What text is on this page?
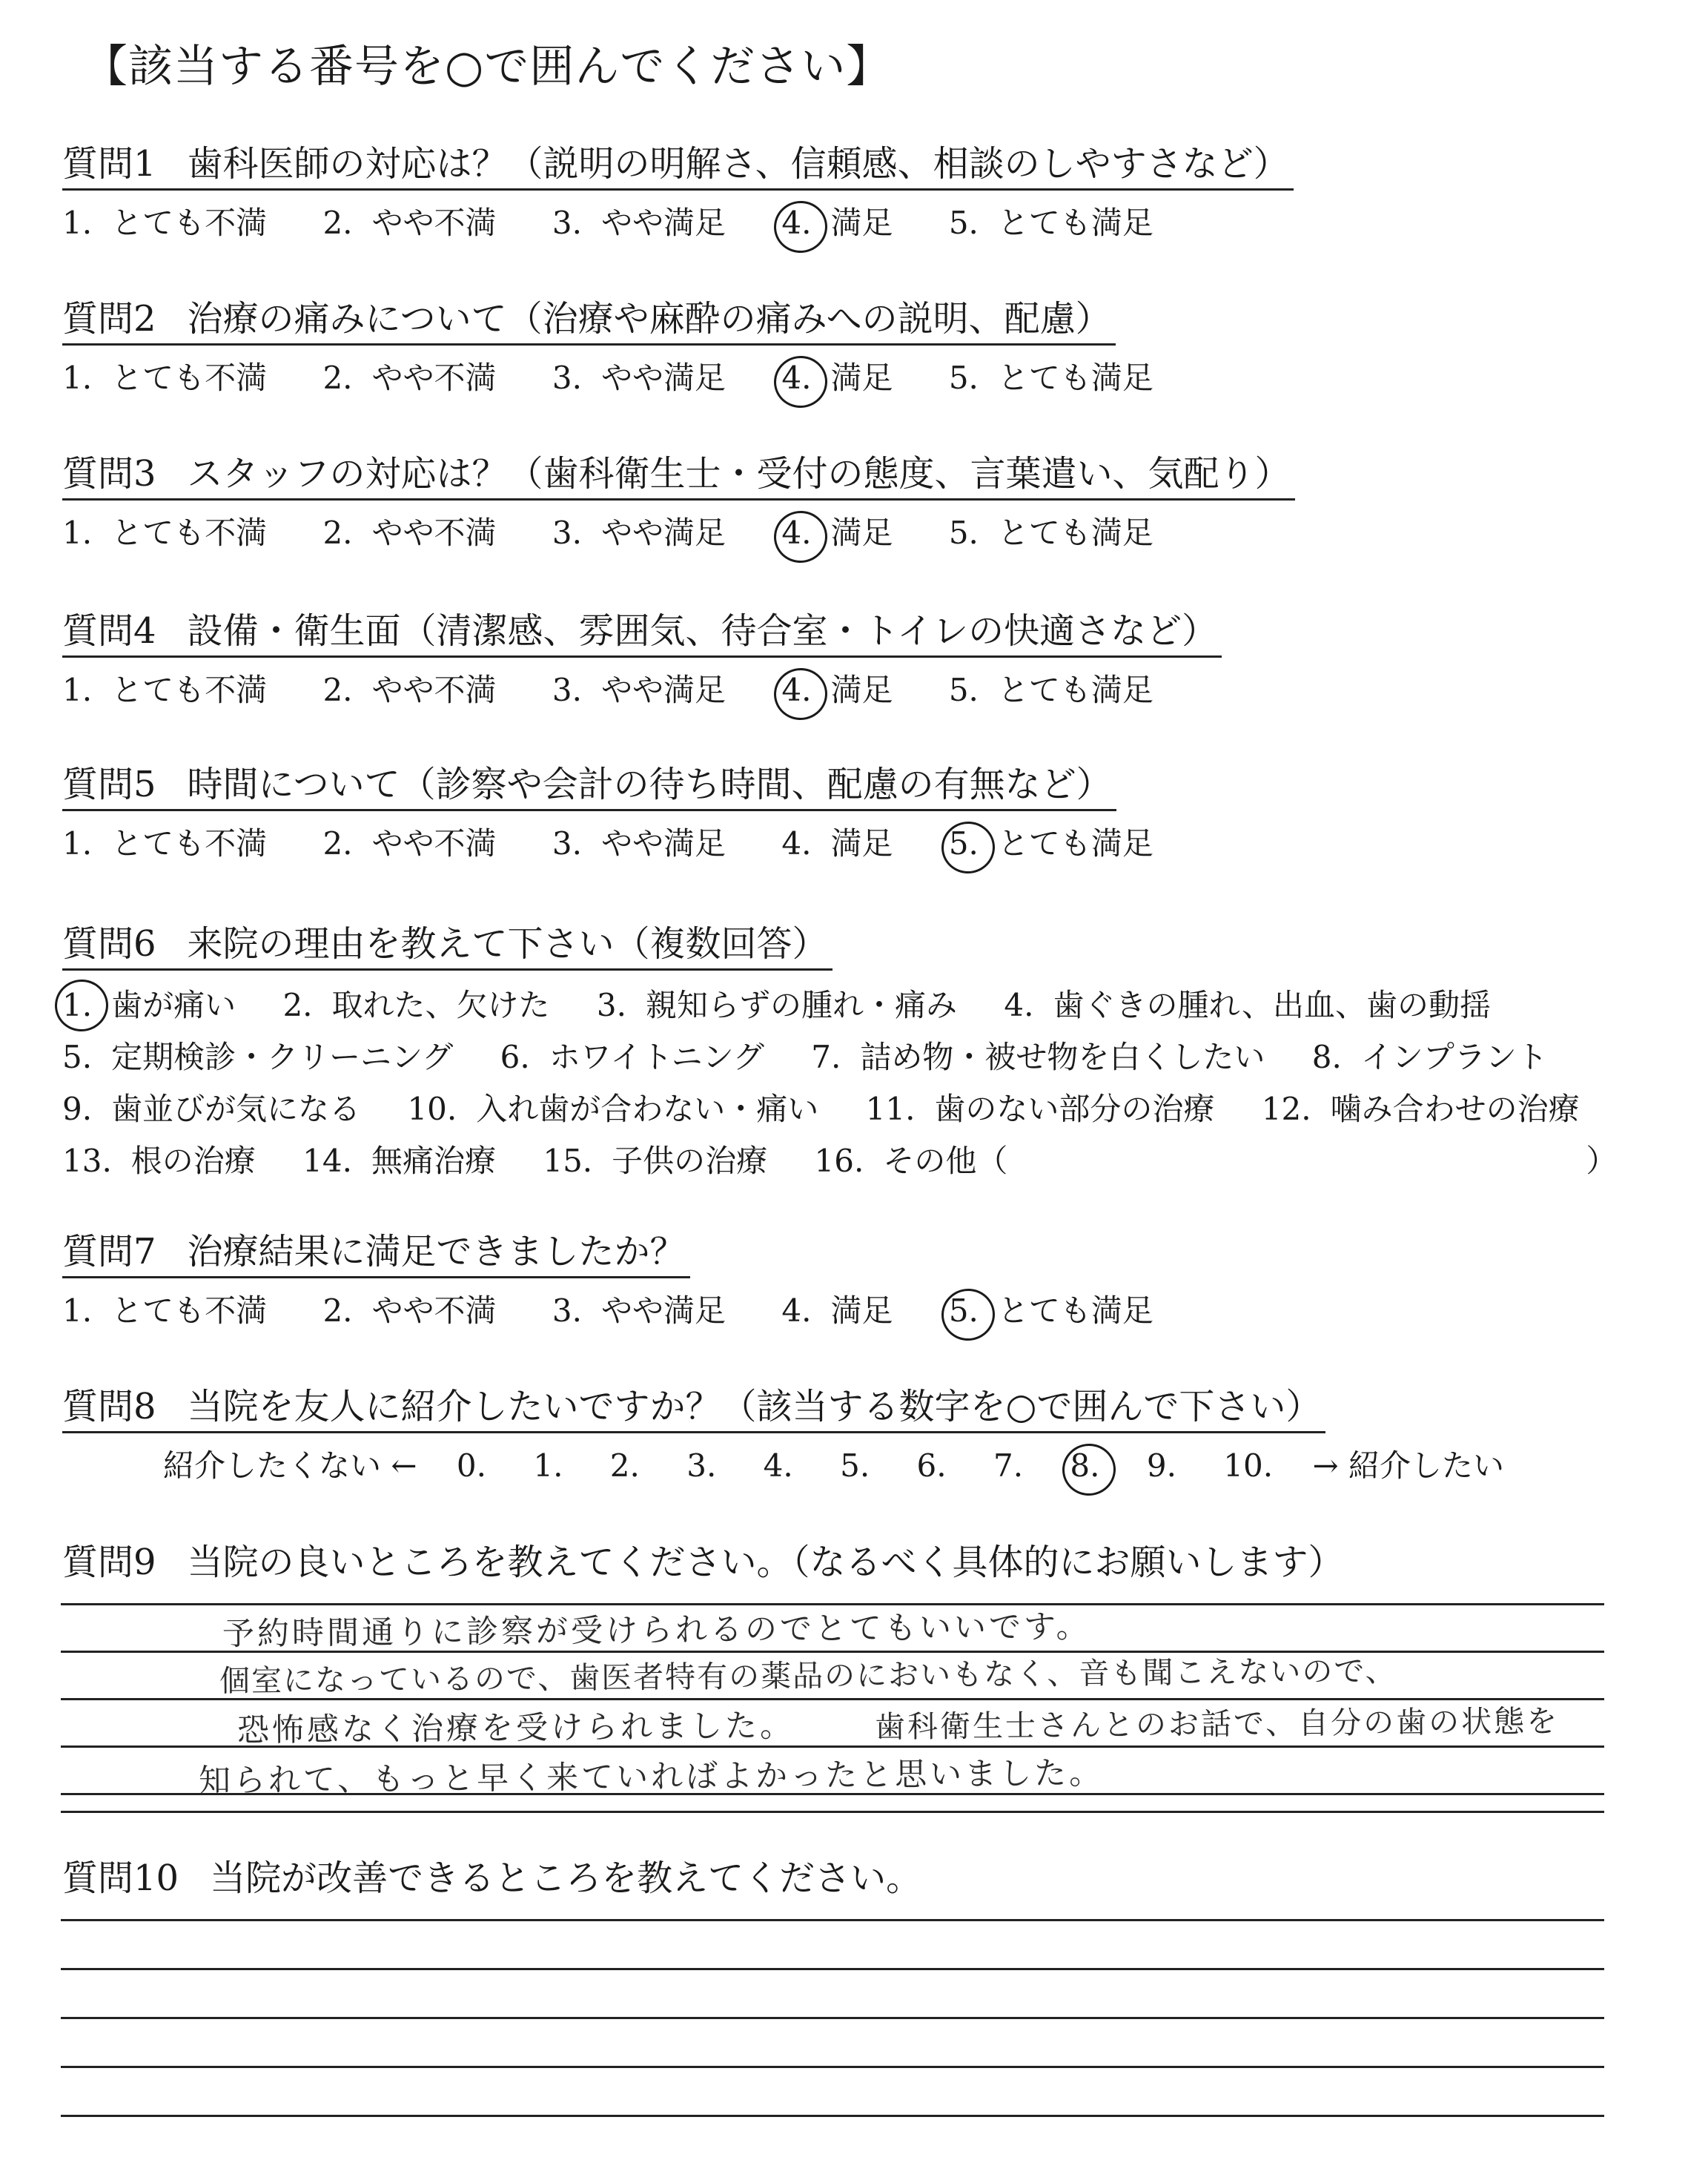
【該当する番号を○で囲んでください】
質問1 歯科医師の対応は？（説明の明解さ、信頼感、相談のしやすさなど）
1. とても不満 2. やや不満 3. やや満足 4. 満足 5. とても満足
質問2 治療の痛みについて（治療や麻酔の痛みへの説明、配慮）
1. とても不満 2. やや不満 3. やや満足 4. 満足 5. とても満足
質問3 スタッフの対応は？（歯科衛生士・受付の態度、言葉遣い、気配り）
1. とても不満 2. やや不満 3. やや満足 4. 満足 5. とても満足
質問4 設備・衛生面（清潔感、雰囲気、待合室・トイレの快適さなど）
1. とても不満 2. やや不満 3. やや満足 4. 満足 5. とても満足
質問5 時間について（診察や会計の待ち時間、配慮の有無など）
1. とても不満 2. やや不満 3. やや満足 4. 満足 5. とても満足
質問6 来院の理由を教えて下さい（複数回答）
1. 歯が痛い 2. 取れた、欠けた 3. 親知らずの腫れ・痛み 4. 歯ぐきの腫れ、出血、歯の動揺
5. 定期検診・クリーニング 6. ホワイトニング 7. 詰め物・被せ物を白くしたい 8. インプラント
9. 歯並びが気になる 10. 入れ歯が合わない・痛い 11. 歯のない部分の治療 12. 噛み合わせの治療
13. 根の治療 14. 無痛治療 15. 子供の治療 16. その他（	）
質問7 治療結果に満足できましたか？
1. とても不満 2. やや不満 3. やや満足 4. 満足 5. とても満足
質問8 当院を友人に紹介したいですか？（該当する数字を○で囲んで下さい）
紹介したくない ← 0. 1. 2. 3. 4. 5. 6. 7. 8. 9. 10. → 紹介したい
質問9 当院の良いところを教えてください。（なるべく具体的にお願いします）
予約時間通りに診察が受けられるのでとてもいいです。
個室になっているので、歯医者特有の薬品のにおいもなく、音も聞こえないので、
恐怖感なく治療を受けられました。	歯科衛生士さんとのお話で、自分の歯の状態を
知られて、もっと早く来ていればよかったと思いました。
質問10 当院が改善できるところを教えてください。
